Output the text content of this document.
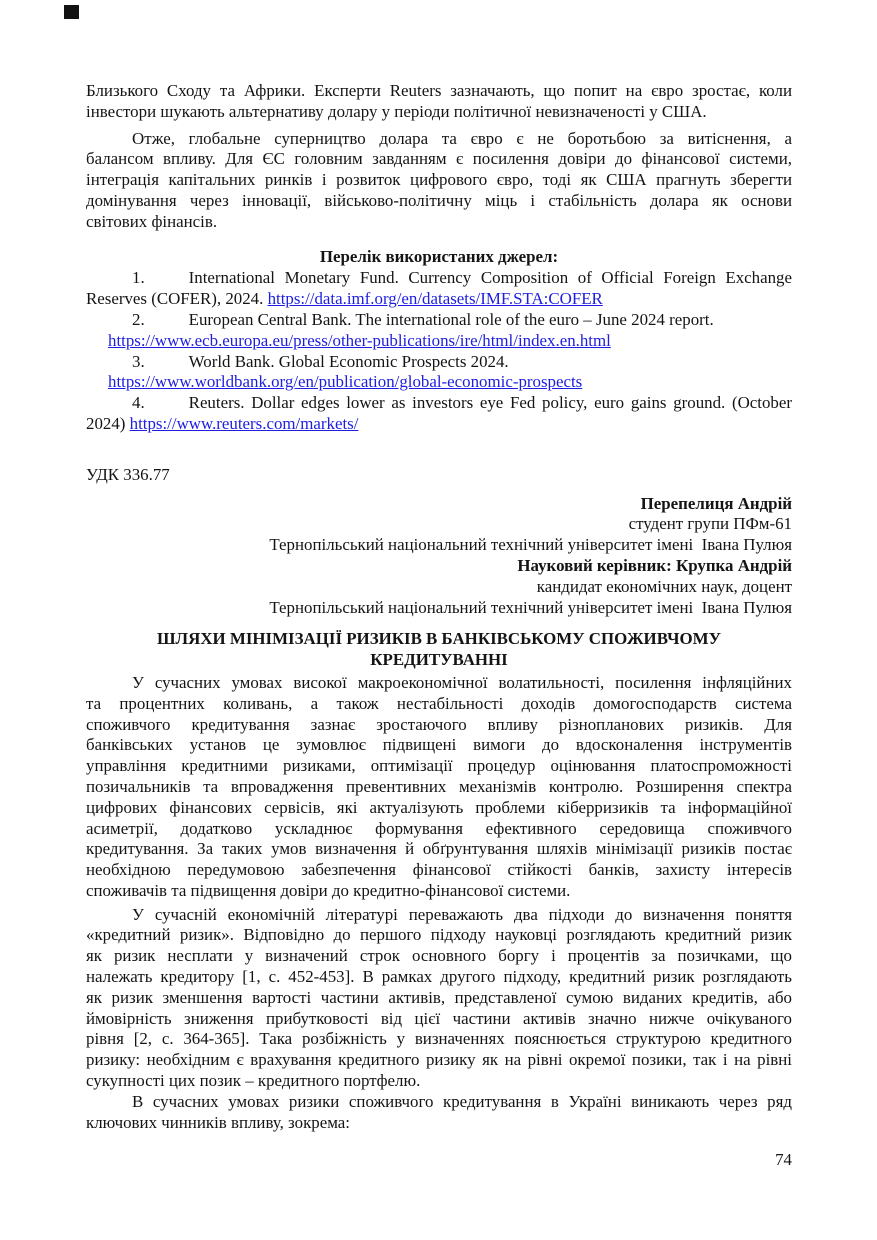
Близького Сходу та Африки. Експерти Reuters зазначають, що попит на євро зростає, коли
інвестори шукають альтернативу долару у періоди політичної невизначеності у США.
Отже, глобальне суперництво долара та євро є не боротьбою за витіснення, а
балансом впливу. Для ЄС головним завданням є посилення довіри до фінансової системи,
інтеграція капітальних ринків і розвиток цифрового євро, тоді як США прагнуть зберегти
домінування через інновації, військово-політичну міць і стабільність долара як основи
світових фінансів.
Перелік використаних джерел:
1.	International Monetary Fund. Currency Composition of Official Foreign Exchange
Reserves (COFER), 2024. https://data.imf.org/en/datasets/IMF.STA:COFER
2.	European Central Bank. The international role of the euro – June 2024 report.
https://www.ecb.europa.eu/press/other-publications/ire/html/index.en.html
3.	World Bank. Global Economic Prospects 2024.
https://www.worldbank.org/en/publication/global-economic-prospects
4.	Reuters. Dollar edges lower as investors eye Fed policy, euro gains ground. (October
2024) https://www.reuters.com/markets/
УДК 336.77
Перепелиця Андрій
студент групи ПФм-61
Тернопільський національний технічний університет імені  Івана Пулюя
Науковий керівник: Крупка Андрій
кандидат економічних наук, доцент
Тернопільський національний технічний університет імені  Івана Пулюя
ШЛЯХИ МІНІМІЗАЦІЇ РИЗИКІВ В БАНКІВСЬКОМУ СПОЖИВЧОМУ
КРЕДИТУВАННІ
У сучасних умовах високої макроекономічної волатильності, посилення інфляційних
та процентних коливань, а також нестабільності доходів домогосподарств система
споживчого кредитування зазнає зростаючого впливу різнопланових ризиків. Для
банківських установ це зумовлює підвищені вимоги до вдосконалення інструментів
управління кредитними ризиками, оптимізації процедур оцінювання платоспроможності
позичальників та впровадження превентивних механізмів контролю. Розширення спектра
цифрових фінансових сервісів, які актуалізують проблеми кіберризиків та інформаційної
асиметрії, додатково ускладнює формування ефективного середовища споживчого
кредитування. За таких умов визначення й обґрунтування шляхів мінімізації ризиків постає
необхідною передумовою забезпечення фінансової стійкості банків, захисту інтересів
споживачів та підвищення довіри до кредитно-фінансової системи.
У сучасній економічній літературі переважають два підходи до визначення поняття
«кредитний ризик». Відповідно до першого підходу науковці розглядають кредитний ризик
як ризик несплати у визначений строк основного боргу і процентів за позичками, що
належать кредитору [1, с. 452-453]. В рамках другого підходу, кредитний ризик розглядають
як ризик зменшення вартості частини активів, представленої сумою виданих кредитів, або
ймовірність зниження прибутковості від цієї частини активів значно нижче очікуваного
рівня [2, с. 364-365]. Така розбіжність у визначеннях пояснюється структурою кредитного
ризику: необхідним є врахування кредитного ризику як на рівні окремої позики, так і на рівні
сукупності цих позик – кредитного портфелю.
В сучасних умовах ризики споживчого кредитування в Україні виникають через ряд
ключових чинників впливу, зокрема:
74
